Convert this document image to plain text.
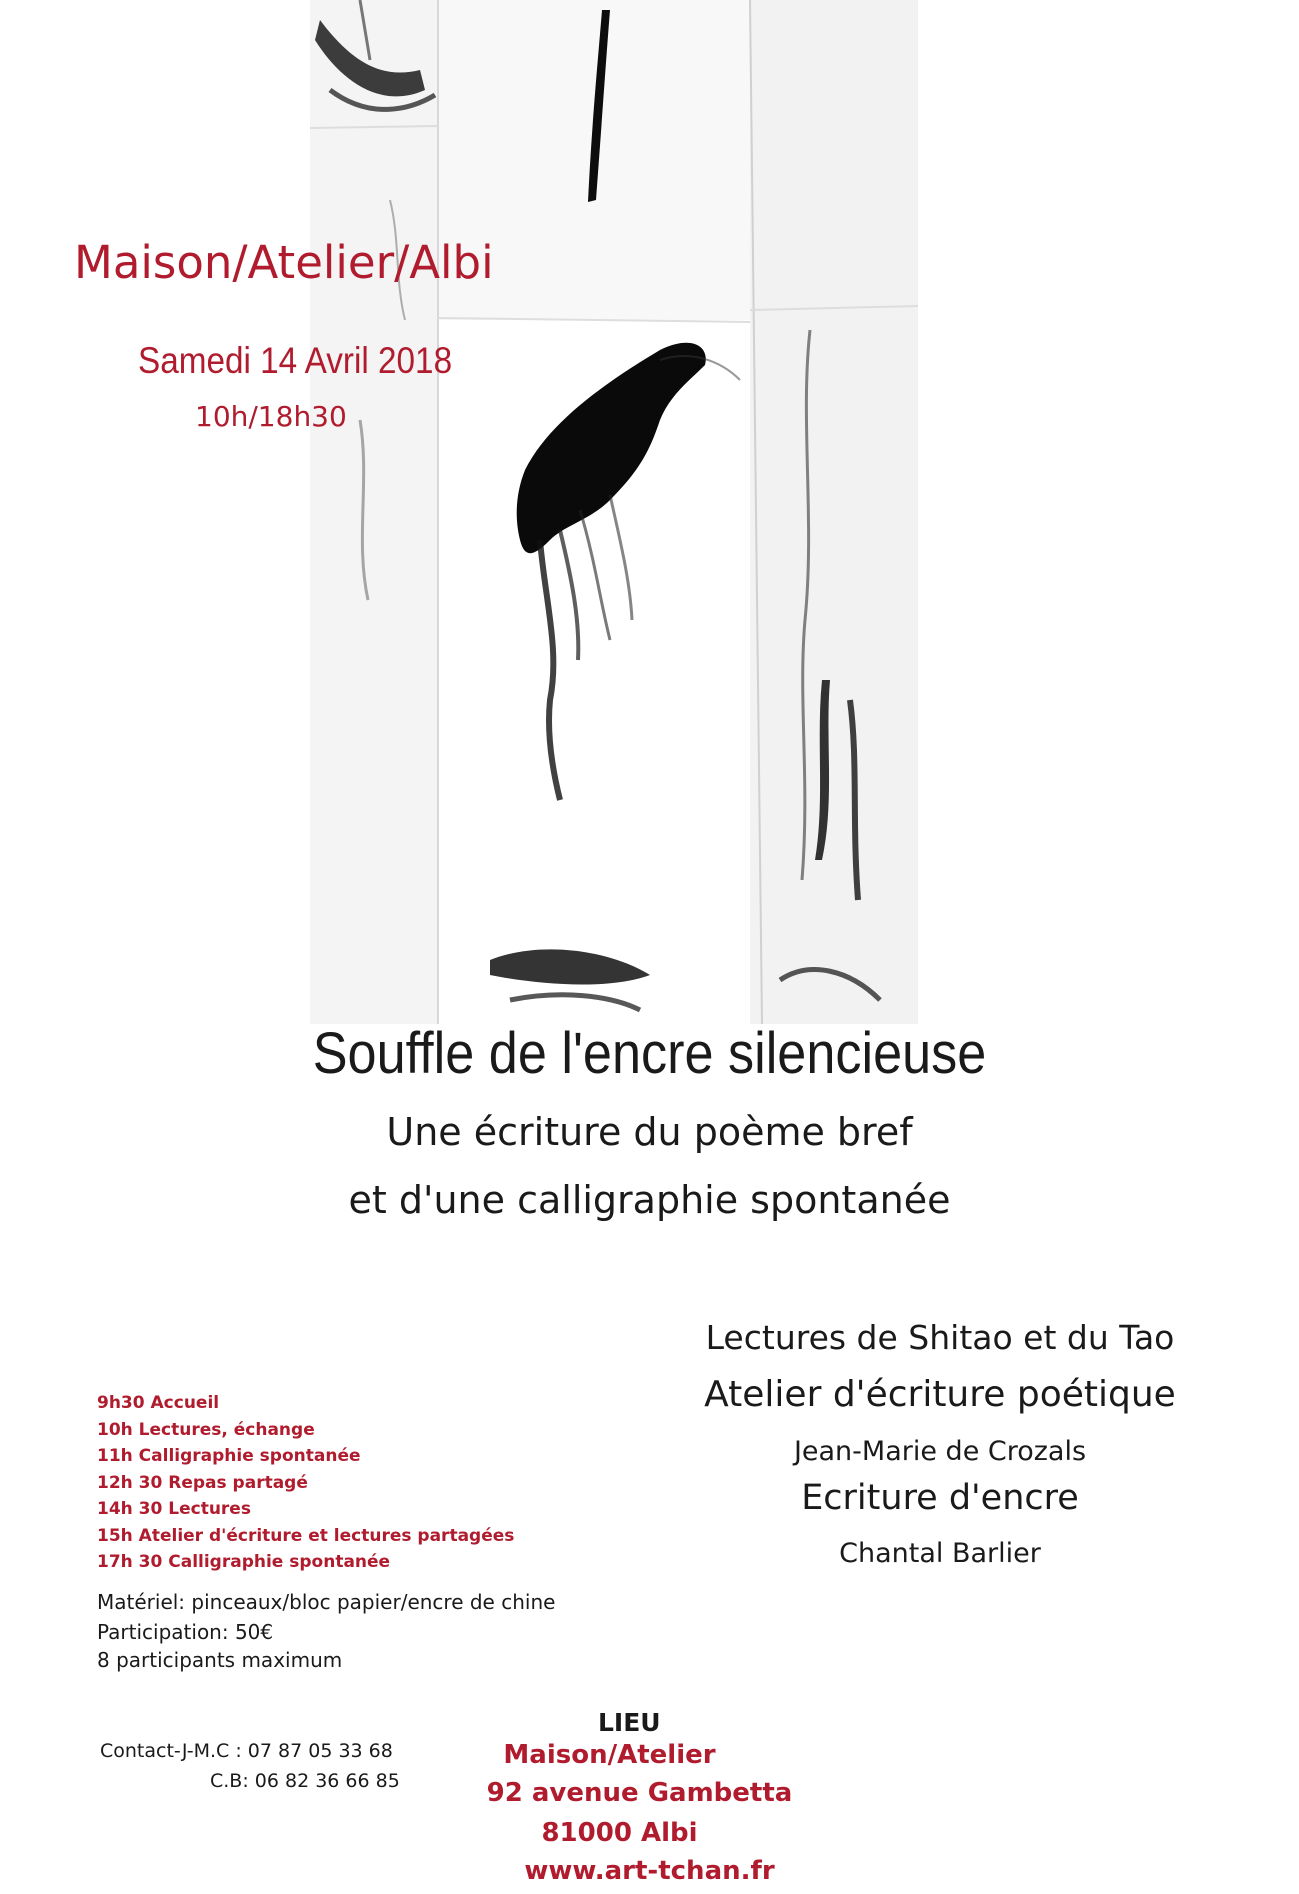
Maison/Atelier/Albi
Samedi 14 Avril 2018
10h/18h30
Souffle de l'encre silencieuse
Une écriture du poème bref
et d'une calligraphie spontanée
Lectures de Shitao et du Tao
Atelier d'écriture poétique
Jean-Marie de Crozals
Ecriture d'encre
Chantal Barlier
9h30 Accueil
10h Lectures, échange
11h Calligraphie spontanée
12h 30 Repas partagé
14h 30 Lectures
15h Atelier d'écriture et lectures partagées
17h 30 Calligraphie spontanée
Matériel: pinceaux/bloc papier/encre de chine
Participation: 50€
8 participants maximum
Contact-J-M.C : 07 87 05 33 68
C.B: 06 82 36 66 85
LIEU
Maison/Atelier
92 avenue Gambetta
81000 Albi
www.art-tchan.fr
